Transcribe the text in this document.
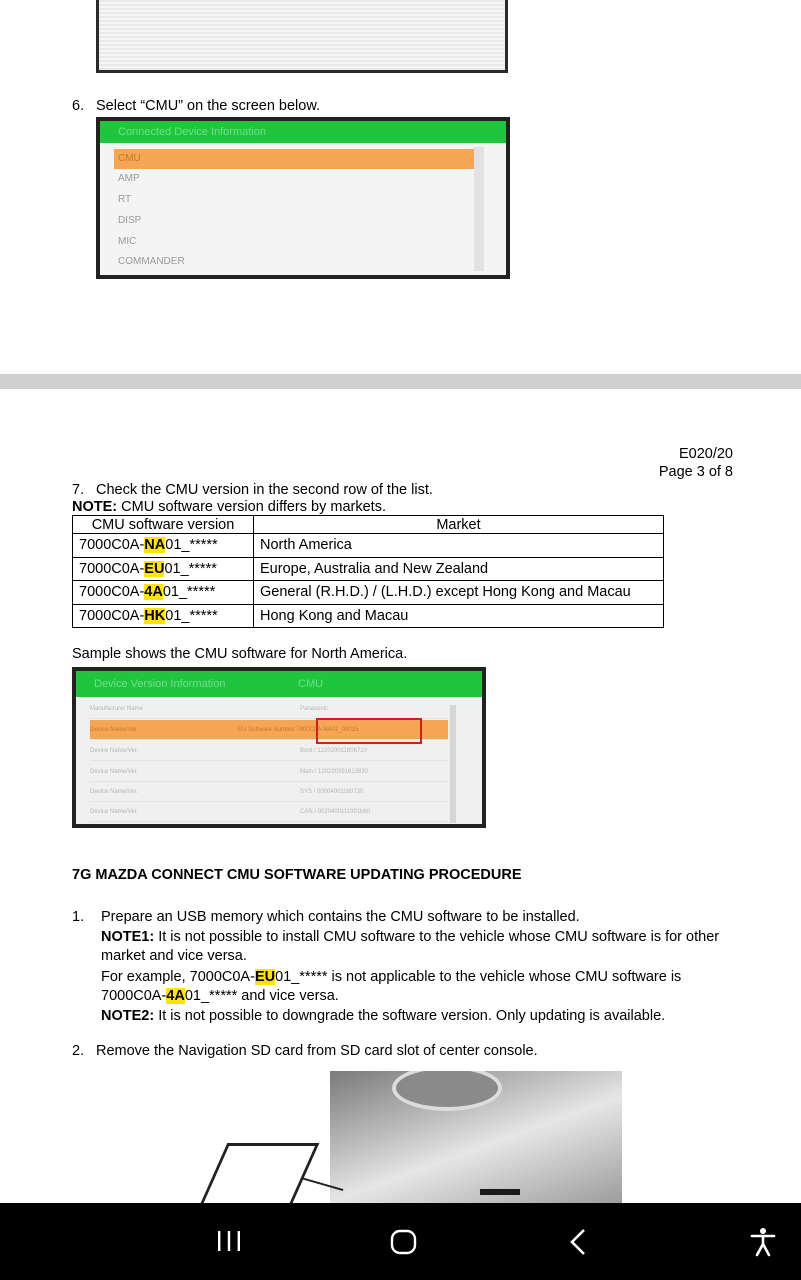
6. Select “CMU” on the screen below.
Connected Device Information
CMU
AMP
RT
DISP
MIC
COMMANDER
E020/20
Page 3 of 8
7. Check the CMU version in the second row of the list.
NOTE: CMU software version differs by markets.
CMU software version	Market
7000C0A-NA01_*****	North America
7000C0A-EU01_*****	Europe, Australia and New Zealand
7000C0A-4A01_*****	General (R.H.D.) / (L.H.D.) except Hong Kong and Macau
7000C0A-HK01_*****	Hong Kong and Macau
Sample shows the CMU software for North America.
Device Version Information	CMU
Manufacturer Name	Panasonic
Device Name/Ver.	EU Software Number 7000C0A-NA01_00015
Device Name/Ver.	Boot / 122020011806710
Device Name/Ver.	Main / 120220391613830
Device Name/Ver.	SYS / 00004001160730
Device Name/Ver.	CAN / 0020400111001b60
7G MAZDA CONNECT CMU SOFTWARE UPDATING PROCEDURE
1. Prepare an USB memory which contains the CMU software to be installed.
NOTE1: It is not possible to install CMU software to the vehicle whose CMU software is for other
market and vice versa.
For example, 7000C0A-EU01_***** is not applicable to the vehicle whose CMU software is
7000C0A-4A01_***** and vice versa.
NOTE2: It is not possible to downgrade the software version. Only updating is available.
2. Remove the Navigation SD card from SD card slot of center console.
